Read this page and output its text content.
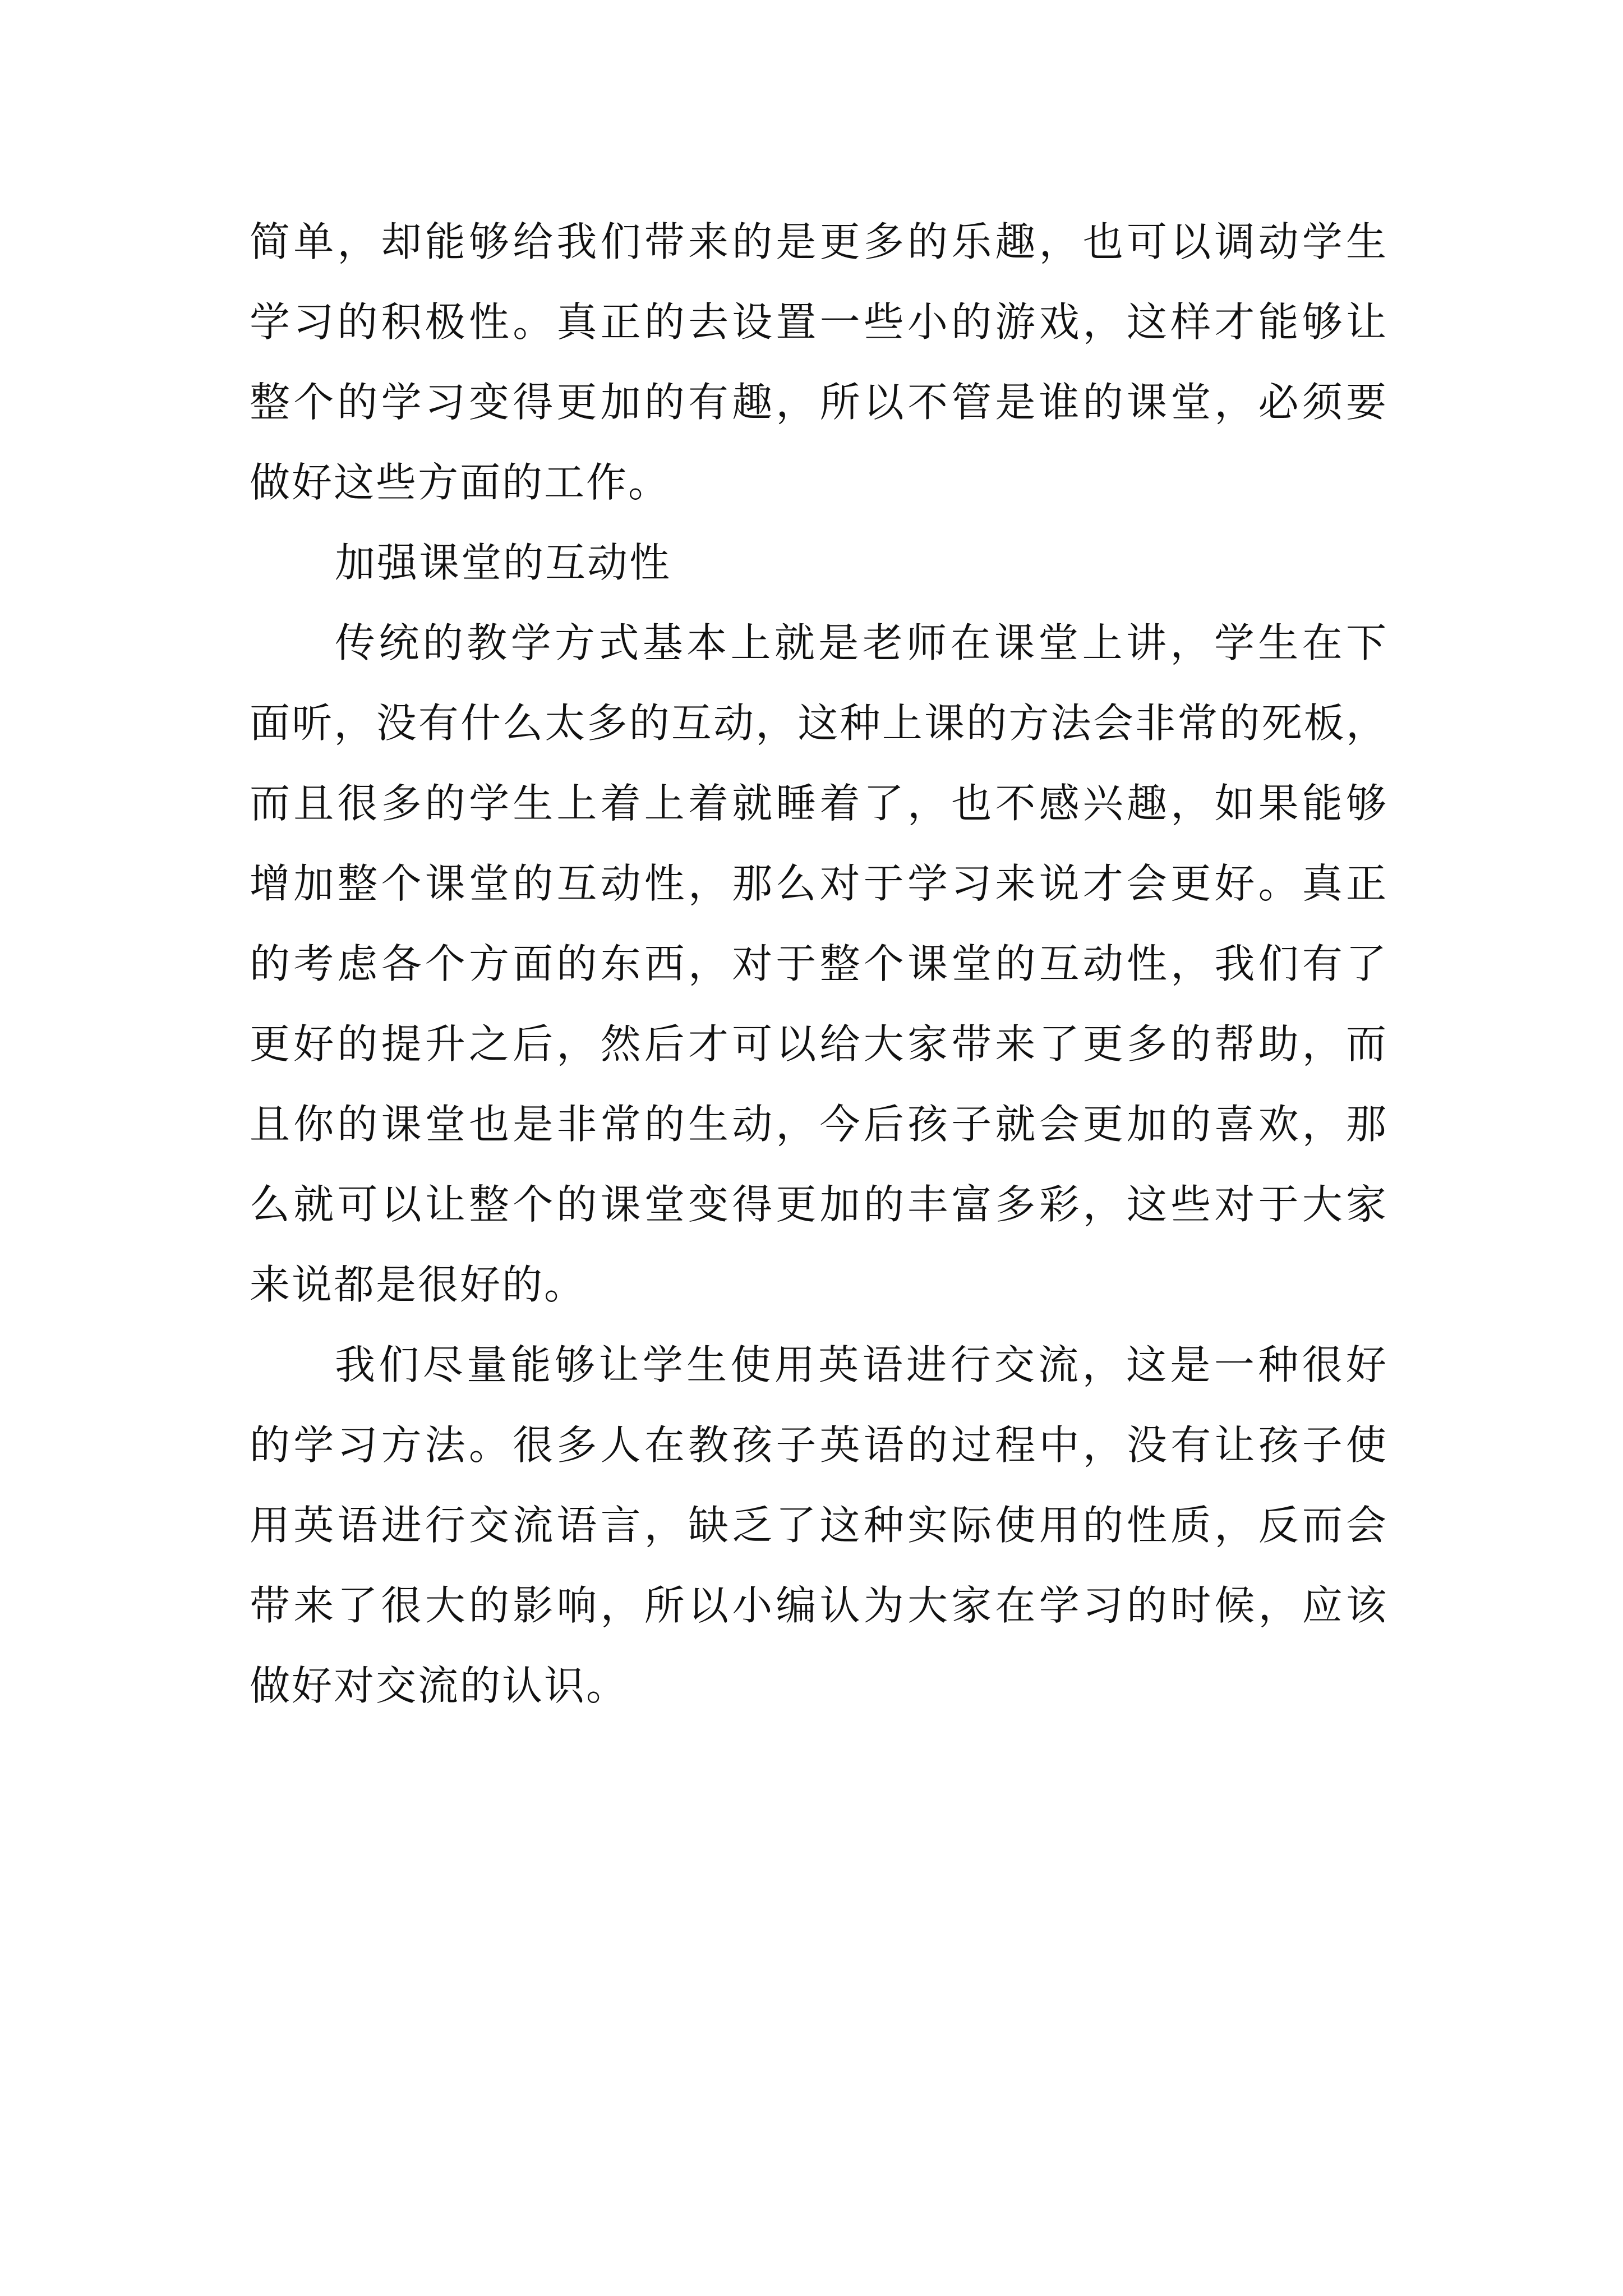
简单，却能够给我们带来的是更多的乐趣，也可以调动学生
学习的积极性。真正的去设置一些小的游戏，这样才能够让
整个的学习变得更加的有趣，所以不管是谁的课堂，必须要
做好这些方面的工作。
加强课堂的互动性
传统的教学方式基本上就是老师在课堂上讲，学生在下
面听，没有什么太多的互动，这种上课的方法会非常的死板，
而且很多的学生上着上着就睡着了，也不感兴趣，如果能够
增加整个课堂的互动性，那么对于学习来说才会更好。真正
的考虑各个方面的东西，对于整个课堂的互动性，我们有了
更好的提升之后，然后才可以给大家带来了更多的帮助，而
且你的课堂也是非常的生动，今后孩子就会更加的喜欢，那
么就可以让整个的课堂变得更加的丰富多彩，这些对于大家
来说都是很好的。
我们尽量能够让学生使用英语进行交流，这是一种很好
的学习方法。很多人在教孩子英语的过程中，没有让孩子使
用英语进行交流语言，缺乏了这种实际使用的性质，反而会
带来了很大的影响，所以小编认为大家在学习的时候，应该
做好对交流的认识。
